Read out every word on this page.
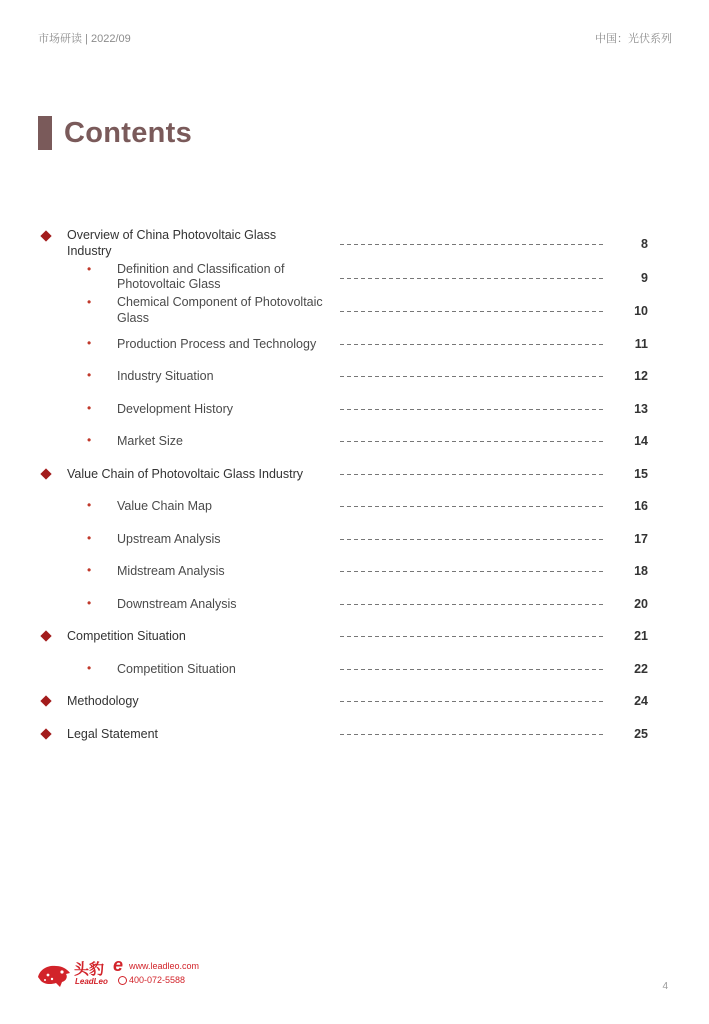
市场研读 | 2022/09	中国：光伏系列
Contents
Overview of China Photovoltaic Glass Industry	8
• Definition and Classification of Photovoltaic Glass	9
• Chemical Component of Photovoltaic Glass	10
• Production Process and Technology	11
• Industry Situation	12
• Development History	13
• Market Size	14
Value Chain of Photovoltaic Glass Industry	15
• Value Chain Map	16
• Upstream Analysis	17
• Midstream Analysis	18
• Downstream Analysis	20
Competition Situation	21
• Competition Situation	22
Methodology	24
Legal Statement	25
头豹
LeadLeo
e www.leadleo.com
400-072-5588
4
